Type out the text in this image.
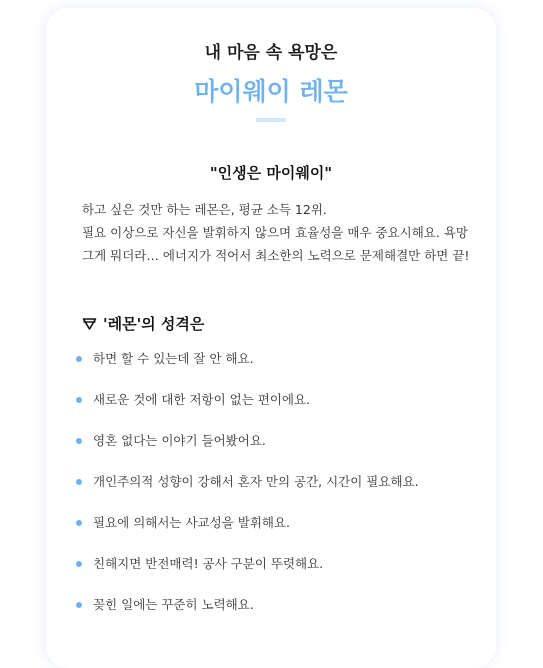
내 마음 속 욕망은
마이웨이 레몬
"인생은 마이웨이"
하고 싶은 것만 하는 레몬은, 평균 소득 12위.
필요 이상으로 자신을 발휘하지 않으며 효율성을 매우 중요시해요. 욕망
그게 뭐더라… 에너지가 적어서 최소한의 노력으로 문제해결만 하면 끝!
'레몬'의 성격은
하면 할 수 있는데 잘 안 해요.
새로운 것에 대한 저항이 없는 편이에요.
영혼 없다는 이야기 들어봤어요.
개인주의적 성향이 강해서 혼자 만의 공간, 시간이 필요해요.
필요에 의해서는 사교성을 발휘해요.
친해지면 반전매력! 공사 구분이 뚜렷해요.
꽂힌 일에는 꾸준히 노력해요.
